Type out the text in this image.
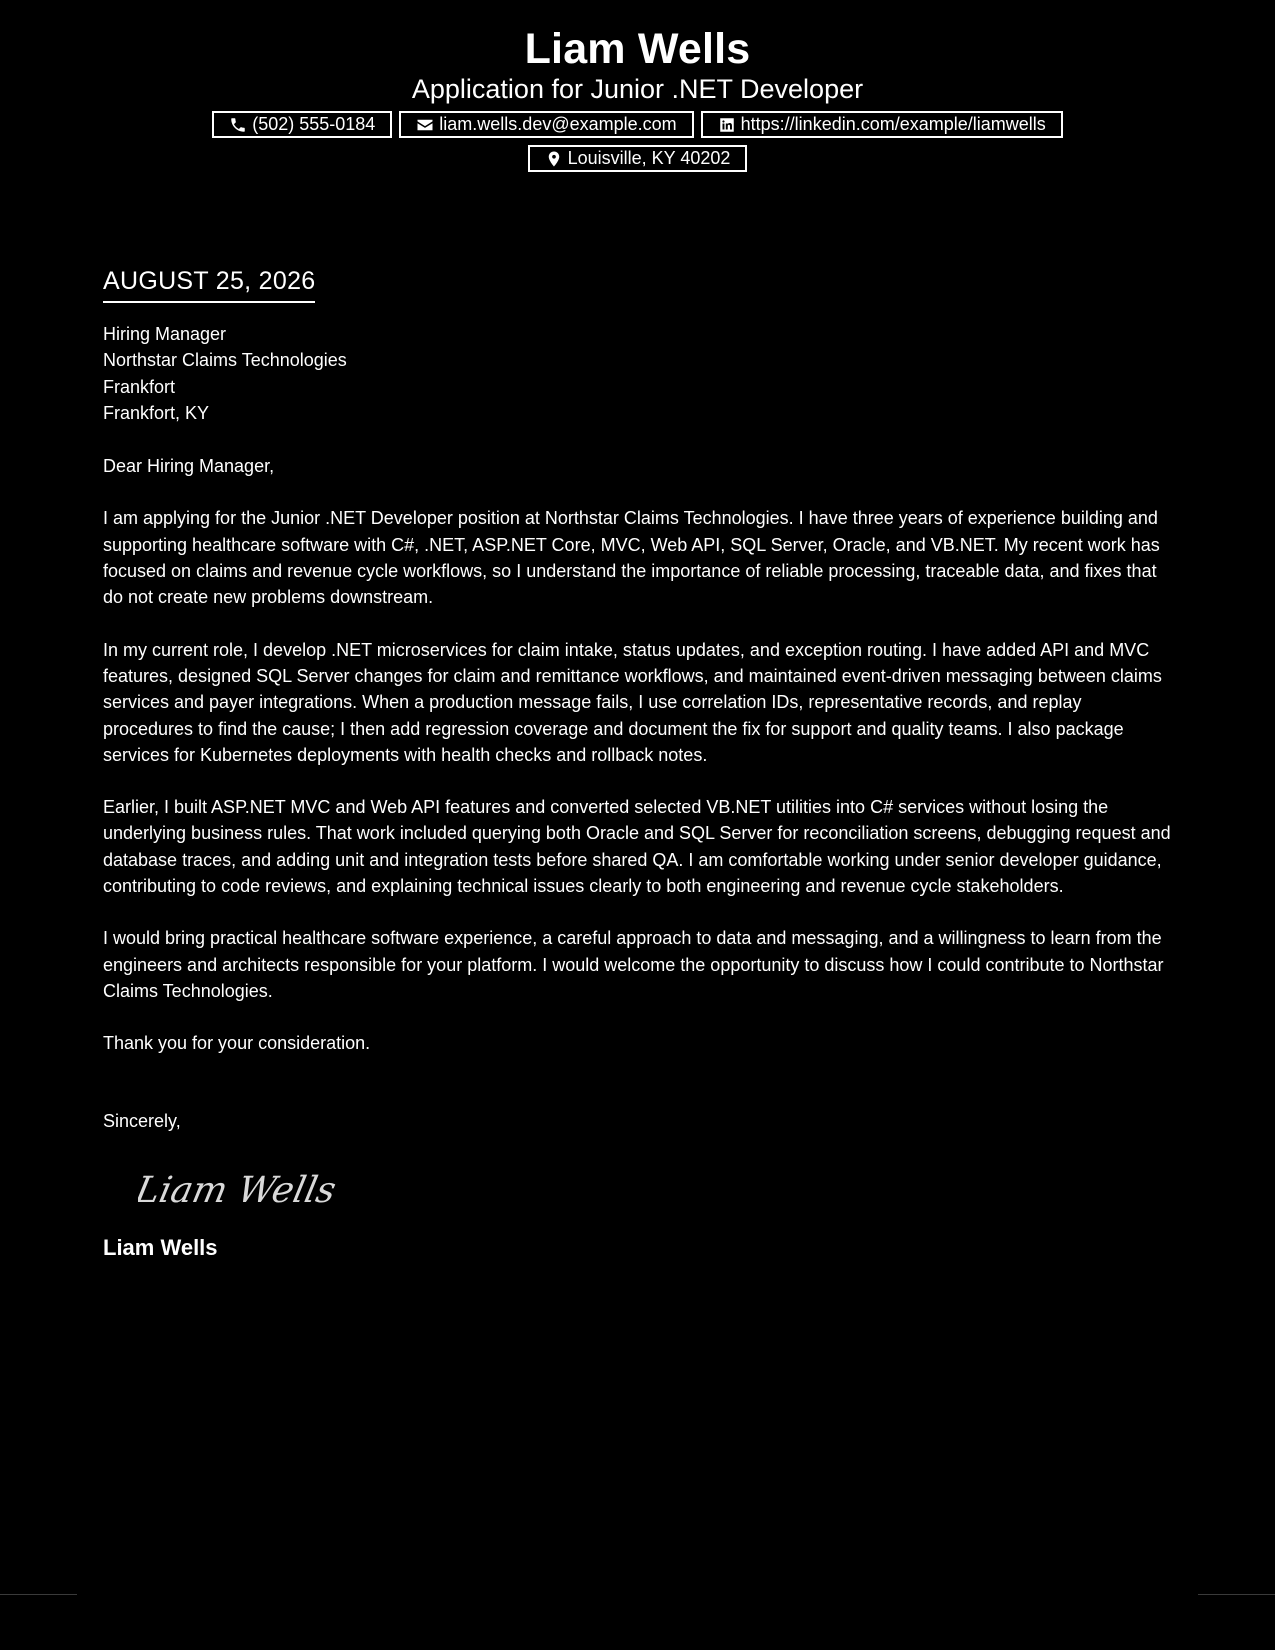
Liam Wells
Application for Junior .NET Developer
(502) 555-0184	liam.wells.dev@example.com	https://linkedin.com/example/liamwells
Louisville, KY 40202
AUGUST 25, 2026
Hiring Manager
Northstar Claims Technologies
Frankfort
Frankfort, KY

Dear Hiring Manager,

I am applying for the Junior .NET Developer position at Northstar Claims Technologies. I have three years of experience building and supporting healthcare software with C#, .NET, ASP.NET Core, MVC, Web API, SQL Server, Oracle, and VB.NET. My recent work has focused on claims and revenue cycle workflows, so I understand the importance of reliable processing, traceable data, and fixes that do not create new problems downstream.

In my current role, I develop .NET microservices for claim intake, status updates, and exception routing. I have added API and MVC features, designed SQL Server changes for claim and remittance workflows, and maintained event-driven messaging between claims services and payer integrations. When a production message fails, I use correlation IDs, representative records, and replay procedures to find the cause; I then add regression coverage and document the fix for support and quality teams. I also package services for Kubernetes deployments with health checks and rollback notes.

Earlier, I built ASP.NET MVC and Web API features and converted selected VB.NET utilities into C# services without losing the underlying business rules. That work included querying both Oracle and SQL Server for reconciliation screens, debugging request and database traces, and adding unit and integration tests before shared QA. I am comfortable working under senior developer guidance, contributing to code reviews, and explaining technical issues clearly to both engineering and revenue cycle stakeholders.

I would bring practical healthcare software experience, a careful approach to data and messaging, and a willingness to learn from the engineers and architects responsible for your platform. I would welcome the opportunity to discuss how I could contribute to Northstar Claims Technologies.

Thank you for your consideration.

Sincerely,

Liam Wells
Liam Wells
